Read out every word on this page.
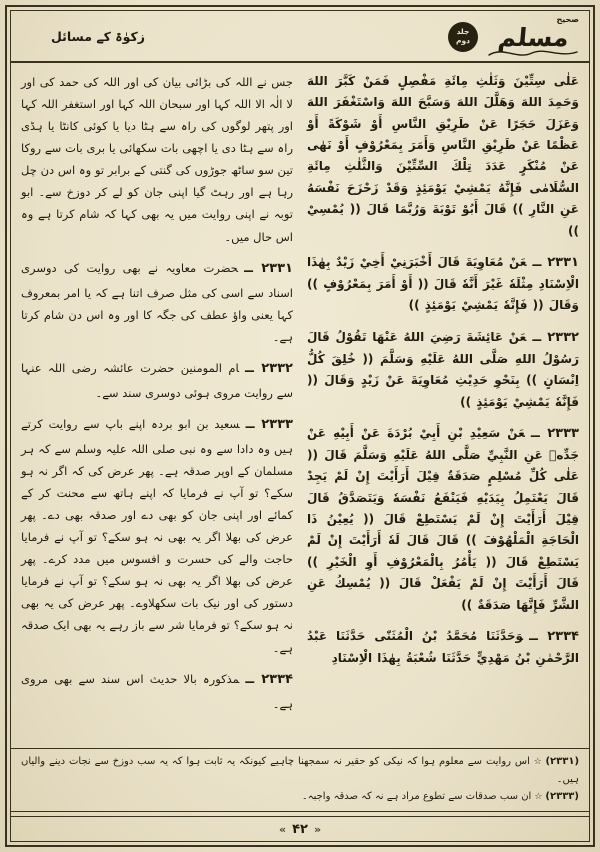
صحیح
مسلم
جلد
دوم
زکوٰۃ کے مسائل

عَلٰى سِتِّيْنَ وَثَلٰثِ مِائَةِ مَفْصِلٍ فَمَنْ كَبَّرَ اللهَ وَحَمِدَ اللهَ وَهَلَّلَ اللهَ وَسَبَّحَ اللهَ وَاسْتَغْفَرَ اللهَ وَعَزَلَ حَجَرًا عَنْ طَرِيْقِ النَّاسِ أَوْ شَوْكَةً أَوْ عَظْمًا عَنْ طَرِيْقِ النَّاسِ وَأَمَرَ بِمَعْرُوْفٍ أَوْ نَهٰى عَنْ مُنْكَرٍ عَدَدَ تِلْكَ السِّتِّيْنَ وَالثَّلٰثِ مِائَةِ السُّلَامٰى فَإِنَّهُ يَمْشِيْ يَوْمَئِذٍ وَقَدْ زَحْزَحَ نَفْسَهُ عَنِ النَّارِ )) قَالَ أَبُوْ تَوْبَةَ وَرُبَّمَا قَالَ (( يُمْسِيْ ))

۲۳۳۱ ــعَنْ مُعَاوِيَةَ قَالَ أَخْبَرَنِيْ أَخِيْ زَيْدٌ بِهٰذَا الْاِسْنَادِ مِثْلَهٗ غَيْرَ أَنَّهٗ قَالَ (( أَوْ أَمَرَ بِمَعْرُوْفٍ )) وَقَالَ (( فَإِنَّهٗ يَمْشِيْ يَوْمَئِذٍ ))

۲۳۳۲ ــعَنْ عَائِشَةَ رَضِيَ اللهُ عَنْهَا تَقُوْلُ قَالَ رَسُوْلُ اللهِ صَلَّى اللهُ عَلَيْهِ وَسَلَّمَ (( خُلِقَ كُلُّ اِنْسَانٍ )) بِنَحْوِ حَدِيْثِ مُعَاوِيَةَ عَنْ زَيْدٍ وَقَالَ (( فَإِنَّهٗ يَمْشِيْ يَوْمَئِذٍ ))

۲۳۳۳ ــعَنْ سَعِيْدِ بْنِ أَبِيْ بُرْدَةَ عَنْ أَبِيْهِ عَنْ جَدِّهٖ عَنِ النَّبِيِّ صَلَّى اللهُ عَلَيْهِ وَسَلَّمَ قَالَ (( عَلٰى كُلِّ مُسْلِمٍ صَدَقَةٌ قِيْلَ أَرَأَيْتَ إِنْ لَمْ يَجِدْ قَالَ يَعْتَمِلُ بِيَدَيْهِ فَيَنْفَعُ نَفْسَهٗ وَيَتَصَدَّقُ قَالَ قِيْلَ أَرَأَيْتَ إِنْ لَمْ يَسْتَطِعْ قَالَ (( يُعِيْنُ ذَا الْحَاجَةِ الْمَلْهُوْفَ )) قَالَ قَالَ لَهٗ أَرَأَيْتَ إِنْ لَمْ يَسْتَطِعْ قَالَ (( يَأْمُرُ بِالْمَعْرُوْفِ أَوِ الْخَيْرِ )) قَالَ أَرَأَيْتَ إِنْ لَمْ يَفْعَلْ قَالَ (( يُمْسِكُ عَنِ الشَّرِّ فَإِنَّهَا صَدَقَةٌ ))

۲۳۳۴ ــوَحَدَّثَنَا مُحَمَّدُ بْنُ الْمُثَنّٰى حَدَّثَنَا عَبْدُ الرَّحْمٰنِ بْنُ مَهْدِيٍّ حَدَّثَنَا شُعْبَةُ بِهٰذَا الْاِسْنَادِ

جس نے اللہ کی بڑائی بیان کی اور اللہ کی حمد کی اور لا الٰہ الا اللہ کہا اور سبحان اللہ کہا اور استغفر اللہ کہا اور پتھر لوگوں کی راہ سے ہٹا دیا یا کوئی کانٹا یا ہڈی راہ سے ہٹا دی یا اچھی بات سکھائی یا بری بات سے روکا تین سو ساٹھ جوڑوں کی گنتی کے برابر تو وہ اس دن چل رہا ہے اور رہٹ گیا اپنی جان کو لے کر دوزخ سے۔ ابو توبہ نے اپنی روایت میں یہ بھی کہا کہ شام کرتا ہے وہ اس حال میں۔

۲۳۳۱ ــحضرت معاویہ نے بھی روایت کی دوسری اسناد سے اسی کی مثل صرف اتنا ہے کہ یا امر بمعروف کہا یعنی واؤ عطف کی جگہ کا اور وہ اس دن شام کرتا ہے۔

۲۳۳۲ ــام المومنین حضرت عائشہ رضی اللہ عنہا سے روایت مروی ہوئی دوسری سند سے۔

۲۳۳۳ ــسعید بن ابو بردہ اپنے باپ سے روایت کرتے ہیں وہ دادا سے وہ نبی صلی اللہ علیہ وسلم سے کہ ہر مسلمان کے اوپر صدقہ ہے۔ پھر عرض کی کہ اگر نہ ہو سکے؟ تو آپ نے فرمایا کہ اپنے ہاتھ سے محنت کر کے کمائے اور اپنی جان کو بھی دے اور صدقہ بھی دے۔ پھر عرض کی بھلا اگر یہ بھی نہ ہو سکے؟ تو آپ نے فرمایا حاجت والے کی حسرت و افسوس میں مدد کرے۔ پھر عرض کی بھلا اگر یہ بھی نہ ہو سکے؟ تو آپ نے فرمایا دستور کی اور نیک بات سکھلاوے۔ پھر عرض کی یہ بھی نہ ہو سکے؟ تو فرمایا شر سے باز رہے یہ بھی ایک صدقہ ہے۔

۲۳۳۴ ــمذکورہ بالا حدیث اس سند سے بھی مروی ہے۔

(۲۳۳۱)☆اس روایت سے معلوم ہوا کہ نیکی کو حقیر نہ سمجھنا چاہیے کیونکہ یہ ثابت ہوا کہ یہ سب دوزخ سے نجات دینے والیاں ہیں۔
(۲۳۳۳)☆ان سب صدقات سے تطوع مراد ہے نہ کہ صدقہ واجبہ۔
« ۴۲ »
